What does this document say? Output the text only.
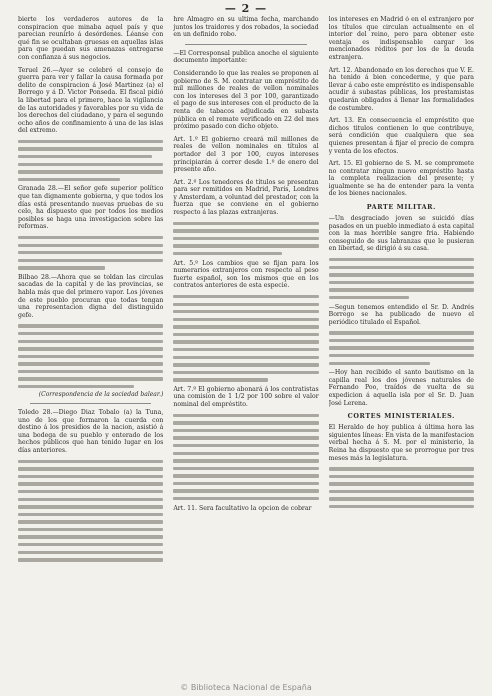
— 2 —

bierte los verdaderos autores de la conspiracion que minaba aquel país y que parecian reunirlo á desórdenes. Léanse con qué fin se ocultaban gruesas en aquellas islas para que puedan sus amenazas entregarse con confianza á sus negocios.

Teruel 26.—Ayer se celebró el consejo de guerra para ver y fallar la causa formada por delito de conspiracion á José Martinez (a) el Borrego y á D. Victor Ponseda. El fiscal pidió la libertad para el primero, hace la vigilancia de las autoridades y favorables por su vida de los derechos del ciudadano, y para el segundo ocho años de confinamiento á una de las islas del extremo.

Granada 28.—El señor gefe superior político que tan dignamente gobierna, y que todos los días está presentando nuevas pruebas de su celo, ha dispuesto que por todos los medios posibles se haga una investigacion sobre las reformas.

Bilbao 28.—Ahora que se toldan las circulas sacadas de la capital y de las provincias, se habla más que del primero vapor. Los jóvenes de este pueblo procuran que todas tengan una representacion digna del distinguido gefe.

(Correspondencia de la sociedad balear.)

Toledo 28.—Diego Diaz Tobalo (a) la Tuna, uno de los que formaron la cuerda con destino á los presidios de la nacion, asistió á una bodega de su pueblo y enterado de los hechos públicos que han tenido lugar en los días anteriores.

hre Almagro en su ultima fecha, marchando juntos los traidores y dos robados, la sociedad en un definido robo.

—El Corresponsal publica anoche el siguiente documento importante:

Considerando lo que las reales se proponen al gobierno de S. M. contratar un empréstito de mil millones de reales de vellon nominales con los intereses del 3 por 100, garantizado el pago de sus intereses con el producto de la renta de tabacos adjudicada en subasta pública en el remate verificado en 22 del mes próximo pasado con dicho objeto.

Art. 1.º El gobierno creará mil millones de reales de vellon nominales en títulos al portador del 3 por 100, cuyos intereses principiarán á correr desde 1.º de enero del presente año.

Art. 2.º Los tenedores de títulos se presentan para ser remitidos en Madrid, París, Londres y Amsterdam, a voluntad del prestador, con la fuerza que se conviene en el gobierno respecto á las plazas extranjeras.

Art. 5.º Los cambios que se fijan para los numerarios extranjeros con respecto al peso fuerte español, son los mismos que en los contratos anteriores de esta especie.

Art. 7.º El gobierno abonará á los contratistas una comision de 1 1/2 por 100 sobre el valor nominal del empréstito.

Art. 11. Sera facultativo la opcion de cobrar

los intereses en Madrid ó en el extranjero por los títulos que circulan actualmente en el interior del reino, pero para obtener este ventaja es indispensable cargar los mencionados réditos por los de la deuda extranjera.

Art. 12. Abandonado en los derechos que V. E. ha tenido á bien concederme, y que para llevar á cabo este empréstito es indispensable acudir á subastas públicas, los prestamistas quedarán obligados á llenar las formalidades de costumbre.

Art. 13. En consecuencia el empréstito que dichos titulos contienen lo que contribuye, será condición que cualquiera que sea quienes presentan á fijar el precio de compra y venta de los efectos.

Art. 15. El gobierno de S. M. se compromete no contratar ningun nuevo empréstito hasta la completa realizacion del presente; y igualmente se ha de entender para la venta de los bienes nacionales.

PARTE MILITAR.

—Un desgraciado joven se suicidó días pasados en un pueblo inmediato á esta capital con la mas horrible sangre fria. Habiendo conseguido de sus labranzas que le pusieran en libertad, se dirigió á su casa.

—Segun tenemos entendido el Sr. D. Andrés Borrego se ha publicado de nuevo el periódico titulado el Español.

—Hoy han recibido el santo bautismo en la capilla real los dos jóvenes naturales de Fernando Poo, traídos de vuelta de su expedicion á aquella isla por el Sr. D. Juan José Lerena.

CORTES MINISTERIALES.

El Heraldo de hoy publica á última hora las siguientes líneas: En vista de la manifestacion verbal hecha á S. M. por el ministerio, la Reina ha dispuesto que se prorrogue por tres meses más la legislatura.

© Biblioteca Nacional de España
